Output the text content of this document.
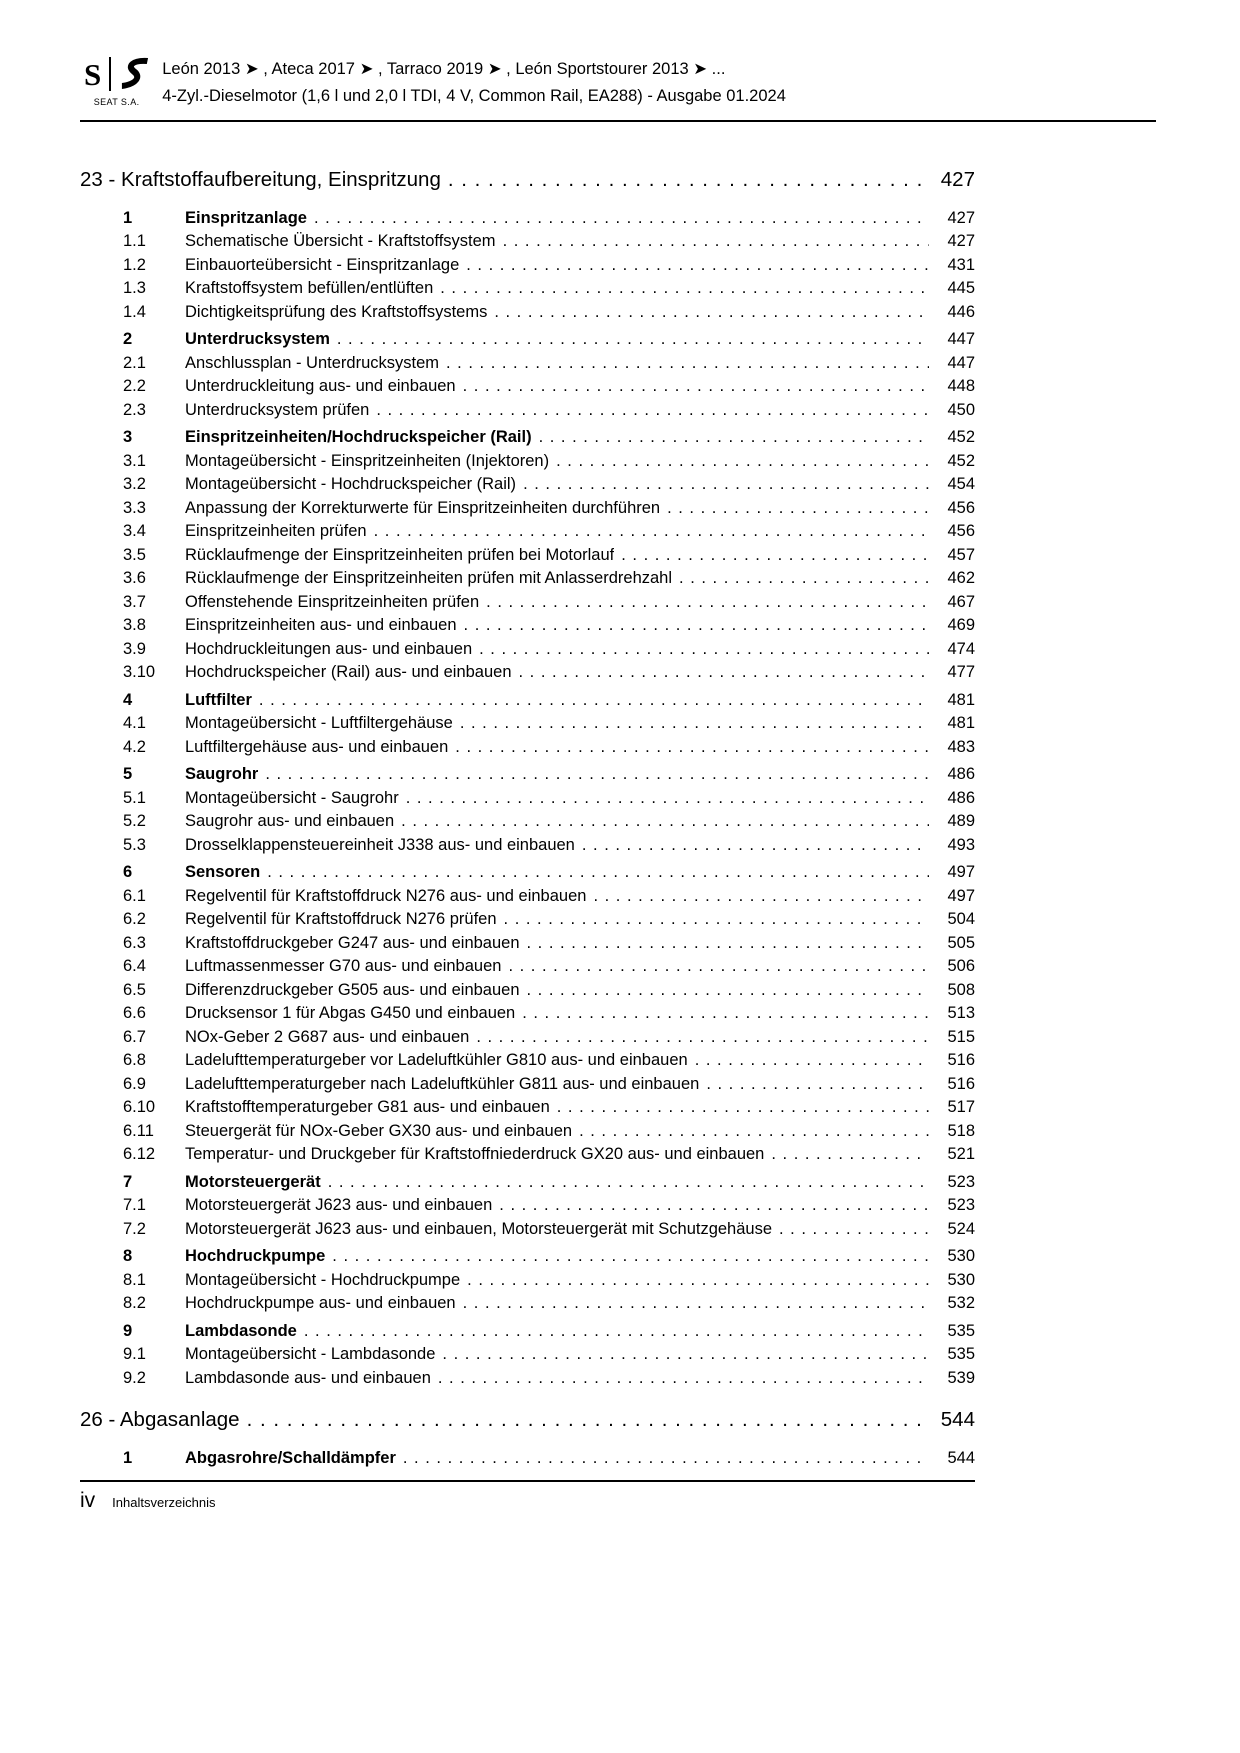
S
SEAT S.A.
León 2013 ➤ , Ateca 2017 ➤ , Tarraco 2019 ➤ , León Sportstourer 2013 ➤ ...
4-Zyl.-Dieselmotor (1,6 l und 2,0 l TDI, 4 V, Common Rail, EA288) - Ausgabe 01.2024
23 - Kraftstoffaufbereitung, Einspritzung . . .	427
1	Einspritzanlage . . .	427
1.1	Schematische Übersicht - Kraftstoffsystem . . .	427
1.2	Einbauorteübersicht - Einspritzanlage . . .	431
1.3	Kraftstoffsystem befüllen/entlüften . . .	445
1.4	Dichtigkeitsprüfung des Kraftstoffsystems . . .	446
2	Unterdrucksystem . . .	447
2.1	Anschlussplan - Unterdrucksystem . . .	447
2.2	Unterdruckleitung aus- und einbauen . . .	448
2.3	Unterdrucksystem prüfen . . .	450
3	Einspritzeinheiten/Hochdruckspeicher (Rail) . . .	452
3.1	Montageübersicht - Einspritzeinheiten (Injektoren) . . .	452
3.2	Montageübersicht - Hochdruckspeicher (Rail) . . .	454
3.3	Anpassung der Korrekturwerte für Einspritzeinheiten durchführen . . .	456
3.4	Einspritzeinheiten prüfen . . .	456
3.5	Rücklaufmenge der Einspritzeinheiten prüfen bei Motorlauf . . .	457
3.6	Rücklaufmenge der Einspritzeinheiten prüfen mit Anlasserdrehzahl . . .	462
3.7	Offenstehende Einspritzeinheiten prüfen . . .	467
3.8	Einspritzeinheiten aus- und einbauen . . .	469
3.9	Hochdruckleitungen aus- und einbauen . . .	474
3.10	Hochdruckspeicher (Rail) aus- und einbauen . . .	477
4	Luftfilter . . .	481
4.1	Montageübersicht - Luftfiltergehäuse . . .	481
4.2	Luftfiltergehäuse aus- und einbauen . . .	483
5	Saugrohr . . .	486
5.1	Montageübersicht - Saugrohr . . .	486
5.2	Saugrohr aus- und einbauen . . .	489
5.3	Drosselklappensteuereinheit J338 aus- und einbauen . . .	493
6	Sensoren . . .	497
6.1	Regelventil für Kraftstoffdruck N276 aus- und einbauen . . .	497
6.2	Regelventil für Kraftstoffdruck N276 prüfen . . .	504
6.3	Kraftstoffdruckgeber G247 aus- und einbauen . . .	505
6.4	Luftmassenmesser G70 aus- und einbauen . . .	506
6.5	Differenzdruckgeber G505 aus- und einbauen . . .	508
6.6	Drucksensor 1 für Abgas G450 und einbauen . . .	513
6.7	NOx-Geber 2 G687 aus- und einbauen . . .	515
6.8	Ladelufttemperaturgeber vor Ladeluftkühler G810 aus- und einbauen . . .	516
6.9	Ladelufttemperaturgeber nach Ladeluftkühler G811 aus- und einbauen . . .	516
6.10	Kraftstofftemperaturgeber G81 aus- und einbauen . . .	517
6.11	Steuergerät für NOx-Geber GX30 aus- und einbauen . . .	518
6.12	Temperatur- und Druckgeber für Kraftstoffniederdruck GX20 aus- und einbauen . . .	521
7	Motorsteuergerät . . .	523
7.1	Motorsteuergerät J623 aus- und einbauen . . .	523
7.2	Motorsteuergerät J623 aus- und einbauen, Motorsteuergerät mit Schutzgehäuse . . .	524
8	Hochdruckpumpe . . .	530
8.1	Montageübersicht - Hochdruckpumpe . . .	530
8.2	Hochdruckpumpe aus- und einbauen . . .	532
9	Lambdasonde . . .	535
9.1	Montageübersicht - Lambdasonde . . .	535
9.2	Lambdasonde aus- und einbauen . . .	539
26 - Abgasanlage . . .	544
1	Abgasrohre/Schalldämpfer . . .	544
iv Inhaltsverzeichnis
